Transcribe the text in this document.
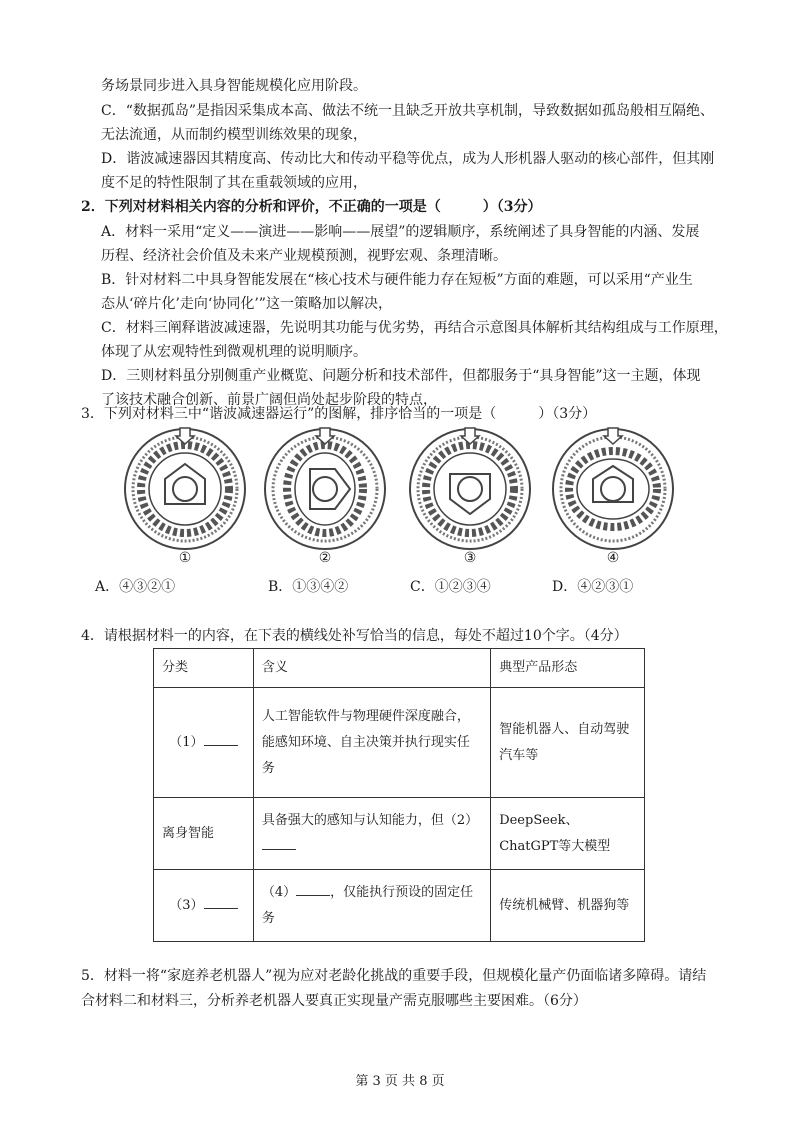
务场景同步进入具身智能规模化应用阶段。
C．“数据孤岛”是指因采集成本高、做法不统一且缺乏开放共享机制，导致数据如孤岛般相互隔绝、
无法流通，从而制约模型训练效果的现象，
D．谐波减速器因其精度高、传动比大和传动平稳等优点，成为人形机器人驱动的核心部件，但其刚
度不足的特性限制了其在重载领域的应用，
2．下列对材料相关内容的分析和评价，不正确的一项是（　　　）（3分）
A．材料一采用“定义——演进——影响——展望”的逻辑顺序，系统阐述了具身智能的内涵、发展
历程、经济社会价值及未来产业规模预测，视野宏观、条理清晰。
B．针对材料二中具身智能发展在“核心技术与硬件能力存在短板”方面的难题，可以采用“产业生
态从‘碎片化’走向‘协同化’”这一策略加以解决，
C．材料三阐释谐波减速器，先说明其功能与优劣势，再结合示意图具体解析其结构组成与工作原理，
体现了从宏观特性到微观机理的说明顺序。
D．三则材料虽分别侧重产业概览、问题分析和技术部件，但都服务于“具身智能”这一主题，体现
了该技术融合创新、前景广阔但尚处起步阶段的特点，
3．下列对材料三中“谐波减速器运行”的图解，排序恰当的一项是（　　　）（3分）
①	②	③	④
A．④③②①	B．①③④②	C．①②③④	D．④②③①
4．请根据材料一的内容，在下表的横线处补写恰当的信息，每处不超过10个字。（4分）
分类	含义	典型产品形态
（1）	人工智能软件与物理硬件深度融合，能感知环境、自主决策并执行现实任务	智能机器人、自动驾驶汽车等
离身智能	具备强大的感知与认知能力，但（2）	DeepSeek、ChatGPT等大模型
（3）	（4） ，仅能执行预设的固定任务	传统机械臂、机器狗等
5．材料一将“家庭养老机器人”视为应对老龄化挑战的重要手段，但规模化量产仍面临诸多障碍。请结
合材料二和材料三，分析养老机器人要真正实现量产需克服哪些主要困难。（6分）
第 3 页 共 8 页
